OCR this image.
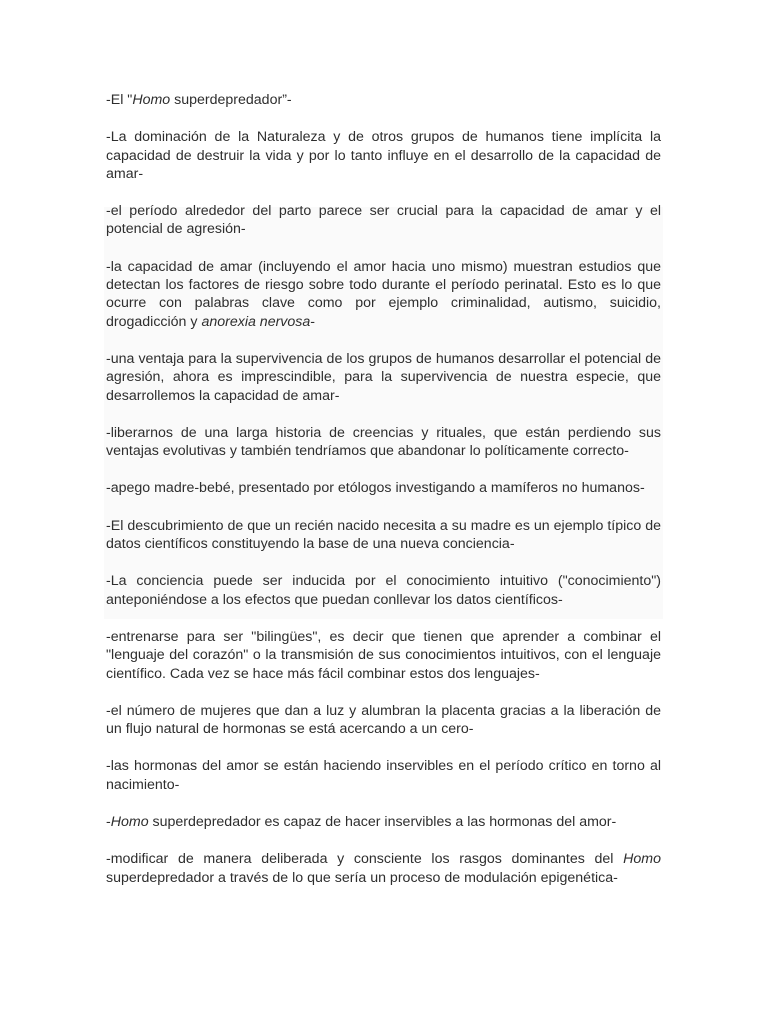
-El "Homo superdepredador”-

-La dominación de la Naturaleza y de otros grupos de humanos tiene implícita la capacidad de destruir la vida y por lo tanto influye en el desarrollo de la capacidad de amar-

-el período alrededor del parto parece ser crucial para la capacidad de amar y el potencial de agresión-

-la capacidad de amar (incluyendo el amor hacia uno mismo) muestran estudios que detectan los factores de riesgo sobre todo durante el período perinatal. Esto es lo que ocurre con palabras clave como por ejemplo criminalidad, autismo, suicidio, drogadicción y anorexia nervosa-

-una ventaja para la supervivencia de los grupos de humanos desarrollar el potencial de agresión, ahora es imprescindible, para la supervivencia de nuestra especie, que desarrollemos la capacidad de amar-

-liberarnos de una larga historia de creencias y rituales, que están perdiendo sus ventajas evolutivas y también tendríamos que abandonar lo políticamente correcto-

-apego madre-bebé, presentado por etólogos investigando a mamíferos no humanos-

-El descubrimiento de que un recién nacido necesita a su madre es un ejemplo típico de datos científicos constituyendo la base de una nueva conciencia-

-La conciencia puede ser inducida por el conocimiento intuitivo ("conocimiento") anteponiéndose a los efectos que puedan conllevar los datos científicos-

-entrenarse para ser "bilingües", es decir que tienen que aprender a combinar el "lenguaje del corazón" o la transmisión de sus conocimientos intuitivos, con el lenguaje científico. Cada vez se hace más fácil combinar estos dos lenguajes-

-el número de mujeres que dan a luz y alumbran la placenta gracias a la liberación de un flujo natural de hormonas se está acercando a un cero-

-las hormonas del amor se están haciendo inservibles en el período crítico en torno al nacimiento-

-Homo superdepredador es capaz de hacer inservibles a las hormonas del amor-

-modificar de manera deliberada y consciente los rasgos dominantes del Homo superdepredador a través de lo que sería un proceso de modulación epigenética-
